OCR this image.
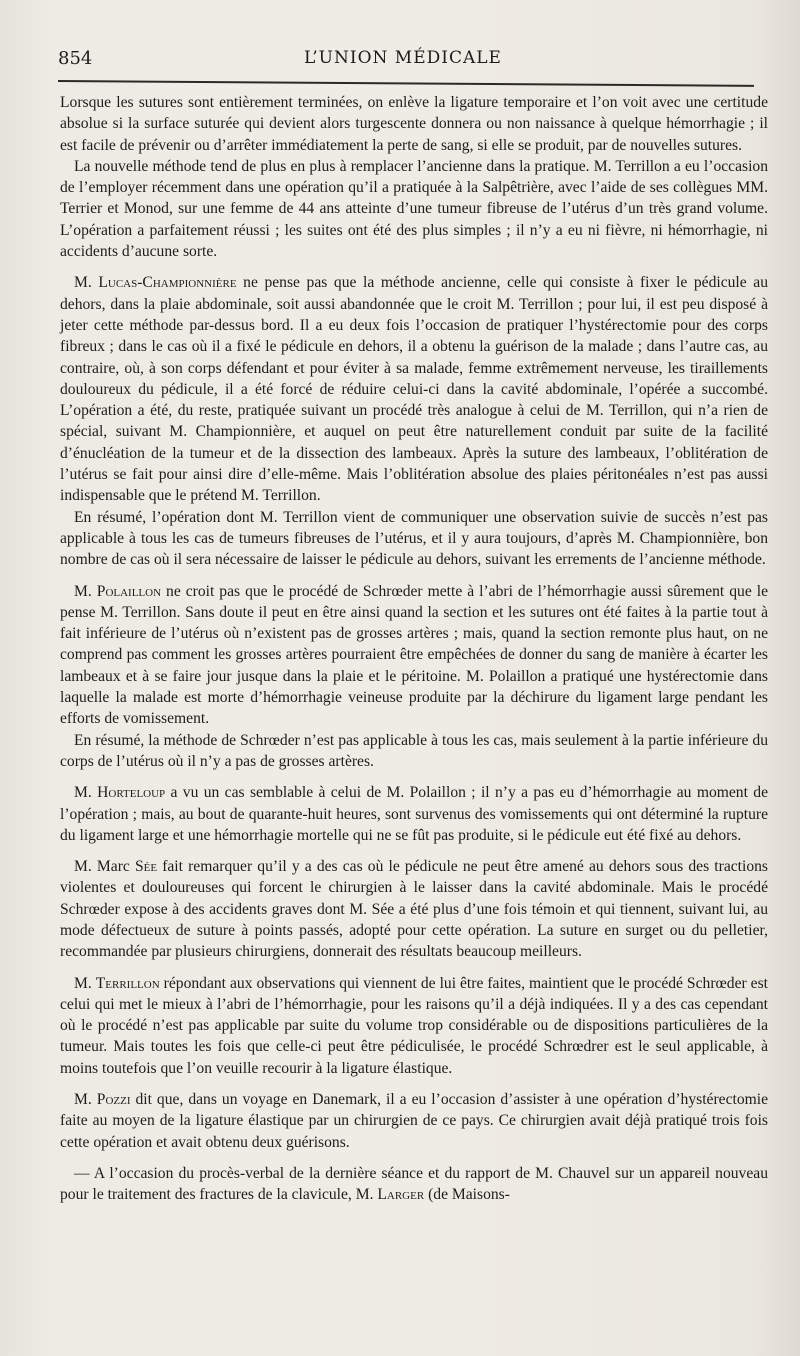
854	L’UNION MÉDICALE

Lorsque les sutures sont entièrement terminées, on enlève la ligature temporaire et l’on voit avec une certitude absolue si la surface suturée qui devient alors turgescente donnera ou non naissance à quelque hémorrhagie ; il est facile de prévenir ou d’arrêter immédiatement la perte de sang, si elle se produit, par de nouvelles sutures.

La nouvelle méthode tend de plus en plus à remplacer l’ancienne dans la pratique. M. Terrillon a eu l’occasion de l’employer récemment dans une opération qu’il a pratiquée à la Salpêtrière, avec l’aide de ses collègues MM. Terrier et Monod, sur une femme de 44 ans atteinte d’une tumeur fibreuse de l’utérus d’un très grand volume. L’opération a parfaitement réussi ; les suites ont été des plus simples ; il n’y a eu ni fièvre, ni hémorrhagie, ni accidents d’aucune sorte.

M. Lucas-Championnière ne pense pas que la méthode ancienne, celle qui consiste à fixer le pédicule au dehors, dans la plaie abdominale, soit aussi abandonnée que le croit M. Terrillon ; pour lui, il est peu disposé à jeter cette méthode par-dessus bord. Il a eu deux fois l’occasion de pratiquer l’hystérectomie pour des corps fibreux ; dans le cas où il a fixé le pédicule en dehors, il a obtenu la guérison de la malade ; dans l’autre cas, au contraire, où, à son corps défendant et pour éviter à sa malade, femme extrêmement nerveuse, les tiraillements douloureux du pédicule, il a été forcé de réduire celui-ci dans la cavité abdominale, l’opérée a succombé. L’opération a été, du reste, pratiquée suivant un procédé très analogue à celui de M. Terrillon, qui n’a rien de spécial, suivant M. Championnière, et auquel on peut être naturellement conduit par suite de la facilité d’énucléation de la tumeur et de la dissection des lambeaux. Après la suture des lambeaux, l’oblitération de l’utérus se fait pour ainsi dire d’elle-même. Mais l’oblitération absolue des plaies péritonéales n’est pas aussi indispensable que le prétend M. Terrillon.

En résumé, l’opération dont M. Terrillon vient de communiquer une observation suivie de succès n’est pas applicable à tous les cas de tumeurs fibreuses de l’utérus, et il y aura toujours, d’après M. Championnière, bon nombre de cas où il sera nécessaire de laisser le pédicule au dehors, suivant les errements de l’ancienne méthode.

M. Polaillon ne croit pas que le procédé de Schrœder mette à l’abri de l’hémorrhagie aussi sûrement que le pense M. Terrillon. Sans doute il peut en être ainsi quand la section et les sutures ont été faites à la partie tout à fait inférieure de l’utérus où n’existent pas de grosses artères ; mais, quand la section remonte plus haut, on ne comprend pas comment les grosses artères pourraient être empêchées de donner du sang de manière à écarter les lambeaux et à se faire jour jusque dans la plaie et le péritoine. M. Polaillon a pratiqué une hystérectomie dans laquelle la malade est morte d’hémorrhagie veineuse produite par la déchirure du ligament large pendant les efforts de vomissement.

En résumé, la méthode de Schrœder n’est pas applicable à tous les cas, mais seulement à la partie inférieure du corps de l’utérus où il n’y a pas de grosses artères.

M. Horteloup a vu un cas semblable à celui de M. Polaillon ; il n’y a pas eu d’hémorrhagie au moment de l’opération ; mais, au bout de quarante-huit heures, sont survenus des vomissements qui ont déterminé la rupture du ligament large et une hémorrhagie mortelle qui ne se fût pas produite, si le pédicule eut été fixé au dehors.

M. Marc Sée fait remarquer qu’il y a des cas où le pédicule ne peut être amené au dehors sous des tractions violentes et douloureuses qui forcent le chirurgien à le laisser dans la cavité abdominale. Mais le procédé Schrœder expose à des accidents graves dont M. Sée a été plus d’une fois témoin et qui tiennent, suivant lui, au mode défectueux de suture à points passés, adopté pour cette opération. La suture en surget ou du pelletier, recommandée par plusieurs chirurgiens, donnerait des résultats beaucoup meilleurs.

M. Terrillon répondant aux observations qui viennent de lui être faites, maintient que le procédé Schrœder est celui qui met le mieux à l’abri de l’hémorrhagie, pour les raisons qu’il a déjà indiquées. Il y a des cas cependant où le procédé n’est pas applicable par suite du volume trop considérable ou de dispositions particulières de la tumeur. Mais toutes les fois que celle-ci peut être pédiculisée, le procédé Schrœdrer est le seul applicable, à moins toutefois que l’on veuille recourir à la ligature élastique.

M. Pozzi dit que, dans un voyage en Danemark, il a eu l’occasion d’assister à une opération d’hystérectomie faite au moyen de la ligature élastique par un chirurgien de ce pays. Ce chirurgien avait déjà pratiqué trois fois cette opération et avait obtenu deux guérisons.

— A l’occasion du procès-verbal de la dernière séance et du rapport de M. Chauvel sur un appareil nouveau pour le traitement des fractures de la clavicule, M. Larger (de Maisons-
